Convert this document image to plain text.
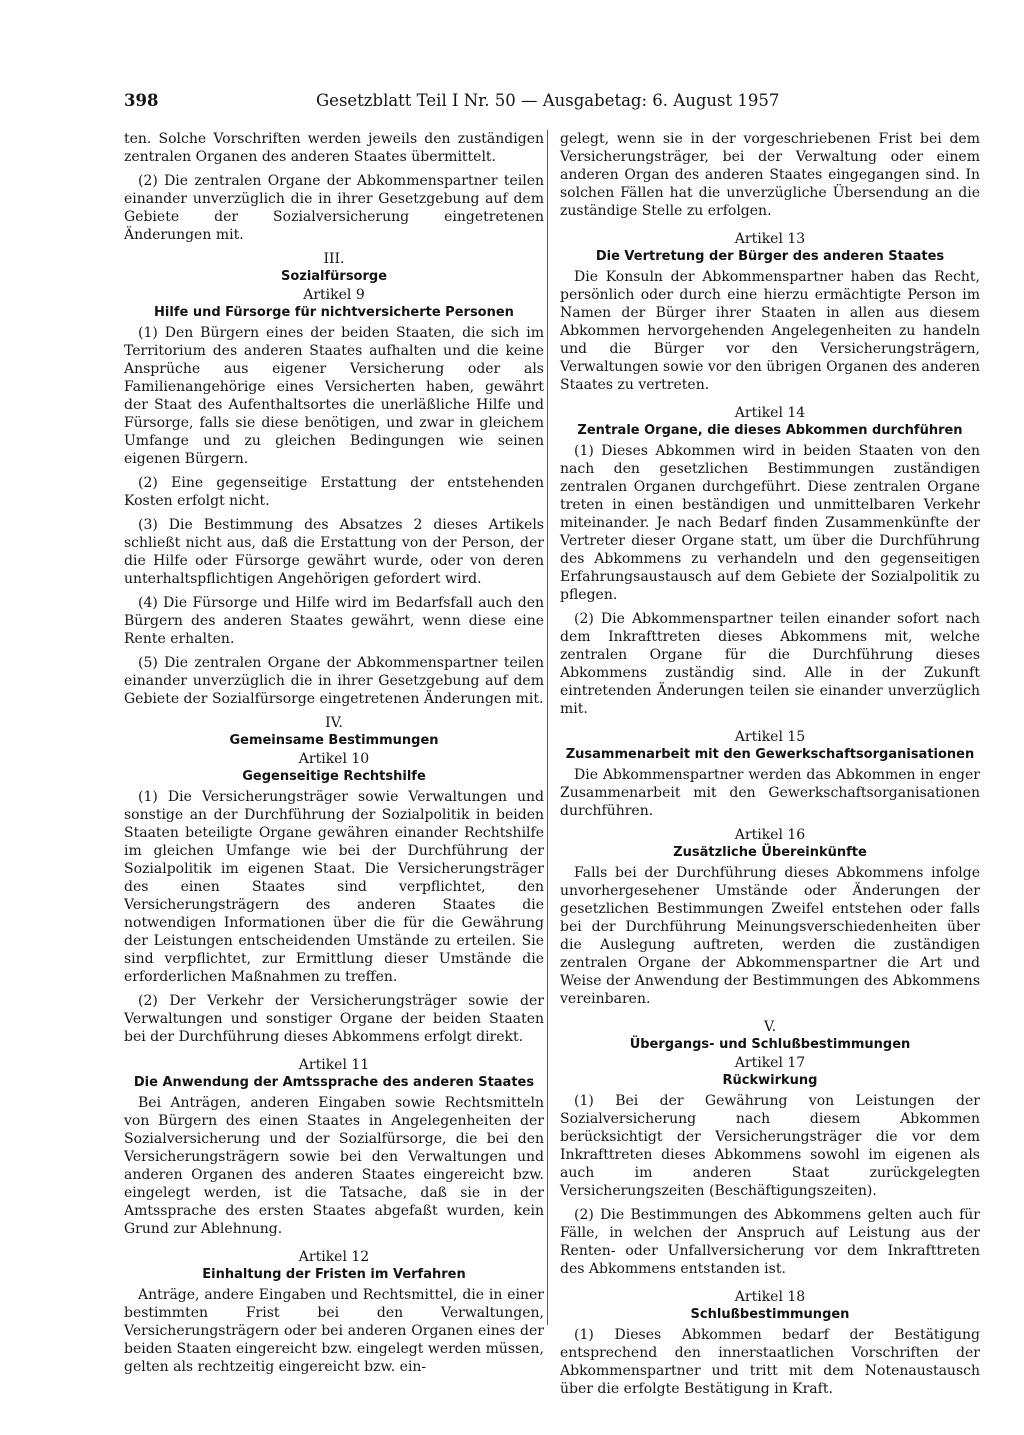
398	Gesetzblatt Teil I Nr. 50 — Ausgabetag: 6. August 1957

ten. Solche Vorschriften werden jeweils den zuständigen zentralen Organen des anderen Staates übermittelt.

(2) Die zentralen Organe der Abkommenspartner teilen einander unverzüglich die in ihrer Gesetzgebung auf dem Gebiete der Sozialversicherung eingetretenen Änderungen mit.

III.
Sozialfürsorge
Artikel 9
Hilfe und Fürsorge für nichtversicherte Personen

(1) Den Bürgern eines der beiden Staaten, die sich im Territorium des anderen Staates aufhalten und die keine Ansprüche aus eigener Versicherung oder als Familienangehörige eines Versicherten haben, gewährt der Staat des Aufenthaltsortes die unerläßliche Hilfe und Fürsorge, falls sie diese benötigen, und zwar in gleichem Umfange und zu gleichen Bedingungen wie seinen eigenen Bürgern.

(2) Eine gegenseitige Erstattung der entstehenden Kosten erfolgt nicht.

(3) Die Bestimmung des Absatzes 2 dieses Artikels schließt nicht aus, daß die Erstattung von der Person, der die Hilfe oder Fürsorge gewährt wurde, oder von deren unterhaltspflichtigen Angehörigen gefordert wird.

(4) Die Fürsorge und Hilfe wird im Bedarfsfall auch den Bürgern des anderen Staates gewährt, wenn diese eine Rente erhalten.

(5) Die zentralen Organe der Abkommenspartner teilen einander unverzüglich die in ihrer Gesetzgebung auf dem Gebiete der Sozialfürsorge eingetretenen Änderungen mit.

IV.
Gemeinsame Bestimmungen
Artikel 10
Gegenseitige Rechtshilfe

(1) Die Versicherungsträger sowie Verwaltungen und sonstige an der Durchführung der Sozialpolitik in beiden Staaten beteiligte Organe gewähren einander Rechtshilfe im gleichen Umfange wie bei der Durchführung der Sozialpolitik im eigenen Staat. Die Versicherungsträger des einen Staates sind verpflichtet, den Versicherungsträgern des anderen Staates die notwendigen Informationen über die für die Gewährung der Leistungen entscheidenden Umstände zu erteilen. Sie sind verpflichtet, zur Ermittlung dieser Umstände die erforderlichen Maßnahmen zu treffen.

(2) Der Verkehr der Versicherungsträger sowie der Verwaltungen und sonstiger Organe der beiden Staaten bei der Durchführung dieses Abkommens erfolgt direkt.

Artikel 11
Die Anwendung der Amtssprache des anderen Staates

Bei Anträgen, anderen Eingaben sowie Rechtsmitteln von Bürgern des einen Staates in Angelegenheiten der Sozialversicherung und der Sozialfürsorge, die bei den Versicherungsträgern sowie bei den Verwaltungen und anderen Organen des anderen Staates eingereicht bzw. eingelegt werden, ist die Tatsache, daß sie in der Amtssprache des ersten Staates abgefaßt wurden, kein Grund zur Ablehnung.

Artikel 12
Einhaltung der Fristen im Verfahren

Anträge, andere Eingaben und Rechtsmittel, die in einer bestimmten Frist bei den Verwaltungen, Versicherungsträgern oder bei anderen Organen eines der beiden Staaten eingereicht bzw. eingelegt werden müssen, gelten als rechtzeitig eingereicht bzw. ein-

gelegt, wenn sie in der vorgeschriebenen Frist bei dem Versicherungsträger, bei der Verwaltung oder einem anderen Organ des anderen Staates eingegangen sind. In solchen Fällen hat die unverzügliche Übersendung an die zuständige Stelle zu erfolgen.

Artikel 13
Die Vertretung der Bürger des anderen Staates

Die Konsuln der Abkommenspartner haben das Recht, persönlich oder durch eine hierzu ermächtigte Person im Namen der Bürger ihrer Staaten in allen aus diesem Abkommen hervorgehenden Angelegenheiten zu handeln und die Bürger vor den Versicherungsträgern, Verwaltungen sowie vor den übrigen Organen des anderen Staates zu vertreten.

Artikel 14
Zentrale Organe, die dieses Abkommen durchführen

(1) Dieses Abkommen wird in beiden Staaten von den nach den gesetzlichen Bestimmungen zuständigen zentralen Organen durchgeführt. Diese zentralen Organe treten in einen beständigen und unmittelbaren Verkehr miteinander. Je nach Bedarf finden Zusammenkünfte der Vertreter dieser Organe statt, um über die Durchführung des Abkommens zu verhandeln und den gegenseitigen Erfahrungsaustausch auf dem Gebiete der Sozialpolitik zu pflegen.

(2) Die Abkommenspartner teilen einander sofort nach dem Inkrafttreten dieses Abkommens mit, welche zentralen Organe für die Durchführung dieses Abkommens zuständig sind. Alle in der Zukunft eintretenden Änderungen teilen sie einander unverzüglich mit.

Artikel 15
Zusammenarbeit mit den Gewerkschaftsorganisationen

Die Abkommenspartner werden das Abkommen in enger Zusammenarbeit mit den Gewerkschaftsorganisationen durchführen.

Artikel 16
Zusätzliche Übereinkünfte

Falls bei der Durchführung dieses Abkommens infolge unvorhergesehener Umstände oder Änderungen der gesetzlichen Bestimmungen Zweifel entstehen oder falls bei der Durchführung Meinungsverschiedenheiten über die Auslegung auftreten, werden die zuständigen zentralen Organe der Abkommenspartner die Art und Weise der Anwendung der Bestimmungen des Abkommens vereinbaren.

V.
Übergangs- und Schlußbestimmungen
Artikel 17
Rückwirkung

(1) Bei der Gewährung von Leistungen der Sozialversicherung nach diesem Abkommen berücksichtigt der Versicherungsträger die vor dem Inkrafttreten dieses Abkommens sowohl im eigenen als auch im anderen Staat zurückgelegten Versicherungszeiten (Beschäftigungszeiten).

(2) Die Bestimmungen des Abkommens gelten auch für Fälle, in welchen der Anspruch auf Leistung aus der Renten- oder Unfallversicherung vor dem Inkrafttreten des Abkommens entstanden ist.

Artikel 18
Schlußbestimmungen

(1) Dieses Abkommen bedarf der Bestätigung entsprechend den innerstaatlichen Vorschriften der Abkommenspartner und tritt mit dem Notenaustausch über die erfolgte Bestätigung in Kraft.
